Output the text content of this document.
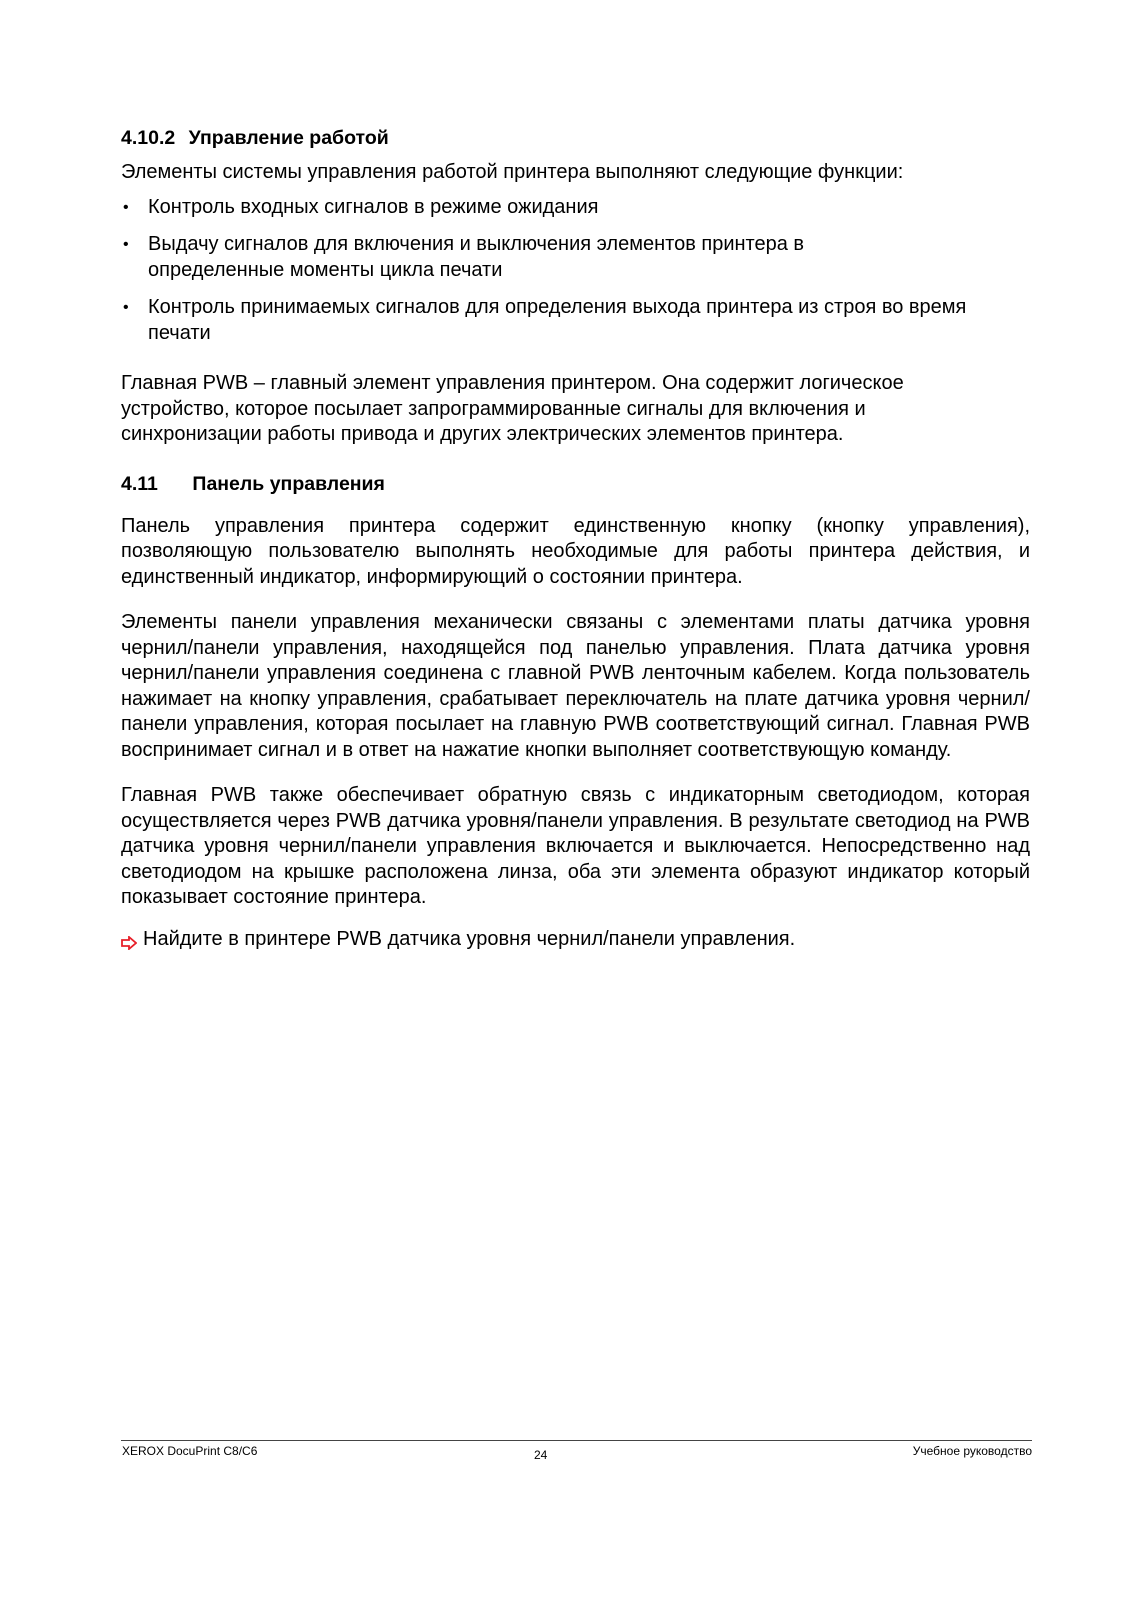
4.10.2 Управление работой

Элементы системы управления работой принтера выполняют следующие функции:

• Контроль входных сигналов в режиме ожидания
• Выдачу сигналов для включения и выключения элементов принтера в определенные моменты цикла печати
• Контроль принимаемых сигналов для определения выхода принтера из строя во время печати

Главная PWB – главный элемент управления принтером. Она содержит логическое устройство, которое посылает запрограммированные сигналы для включения и синхронизации работы привода и других электрических элементов принтера.

4.11 Панель управления

Панель управления принтера содержит единственную кнопку (кнопку управления), позволяющую пользователю выполнять необходимые для работы принтера действия, и единственный индикатор, информирующий о состоянии принтера.

Элементы панели управления механически связаны с элементами платы датчика уровня чернил/панели управления, находящейся под панелью управления. Плата датчика уровня чернил/панели управления соединена с главной PWB ленточным кабелем. Когда пользователь нажимает на кнопку управления, срабатывает переключатель на плате датчика уровня чернил/панели управления, которая посылает на главную PWB соответствующий сигнал. Главная PWB воспринимает сигнал и в ответ на нажатие кнопки выполняет соответствующую команду.

Главная PWB также обеспечивает обратную связь с индикаторным светодиодом, которая осуществляется через PWB датчика уровня/панели управления. В результате светодиод на PWB датчика уровня чернил/панели управления включается и выключается. Непосредственно над светодиодом на крышке расположена линза, оба эти элемента образуют индикатор который показывает состояние принтера.

Найдите в принтере PWB датчика уровня чернил/панели управления.
XEROX DocuPrint C8/C6	24	Учебное руководство
